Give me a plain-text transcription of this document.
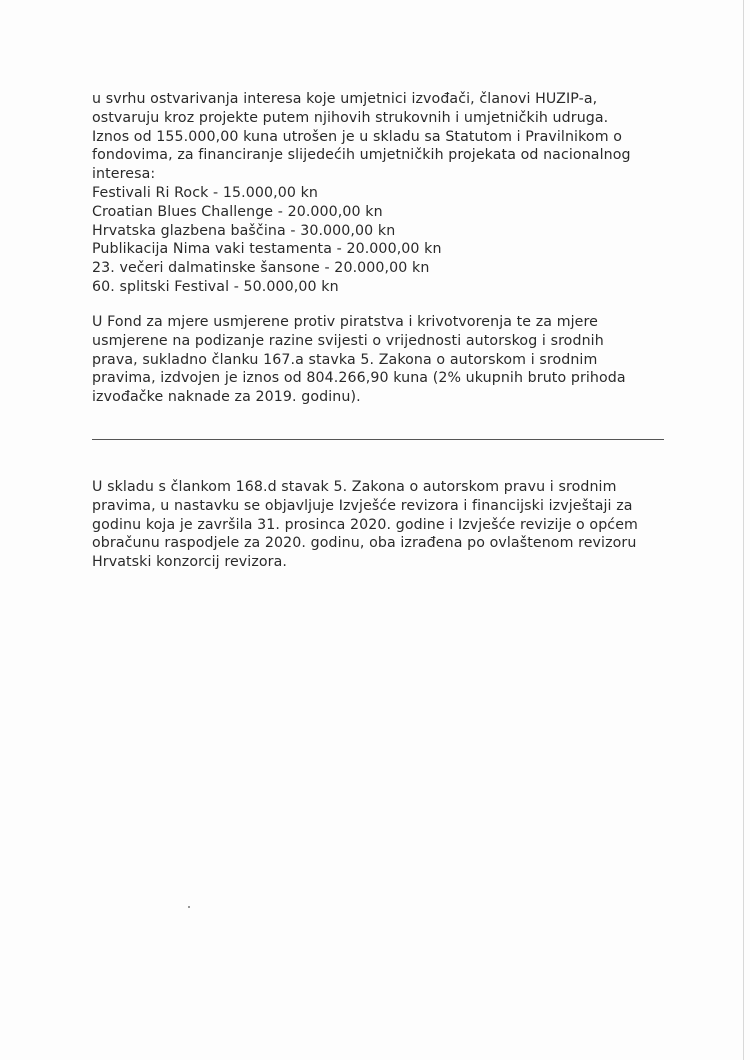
u svrhu ostvarivanja interesa koje umjetnici izvođači, članovi HUZIP-a,
ostvaruju kroz projekte putem njihovih strukovnih i umjetničkih udruga.
Iznos od 155.000,00 kuna utrošen je u skladu sa Statutom i Pravilnikom o
fondovima, za financiranje slijedećih umjetničkih projekata od nacionalnog
interesa:
Festivali Ri Rock - 15.000,00 kn
Croatian Blues Challenge - 20.000,00 kn
Hrvatska glazbena baščina - 30.000,00 kn
Publikacija Nima vaki testamenta - 20.000,00 kn
23. večeri dalmatinske šansone - 20.000,00 kn
60. splitski Festival - 50.000,00 kn
U Fond za mjere usmjerene protiv piratstva i krivotvorenja te za mjere
usmjerene na podizanje razine svijesti o vrijednosti autorskog i srodnih
prava, sukladno članku 167.a stavka 5. Zakona o autorskom i srodnim
pravima, izdvojen je iznos od 804.266,90 kuna (2% ukupnih bruto prihoda
izvođačke naknade za 2019. godinu).
U skladu s člankom 168.d stavak 5. Zakona o autorskom pravu i srodnim
pravima, u nastavku se objavljuje Izvješće revizora i financijski izvještaji za
godinu koja je završila 31. prosinca 2020. godine i Izvješće revizije o općem
obračunu raspodjele za 2020. godinu, oba izrađena po ovlaštenom revizoru
Hrvatski konzorcij revizora.
